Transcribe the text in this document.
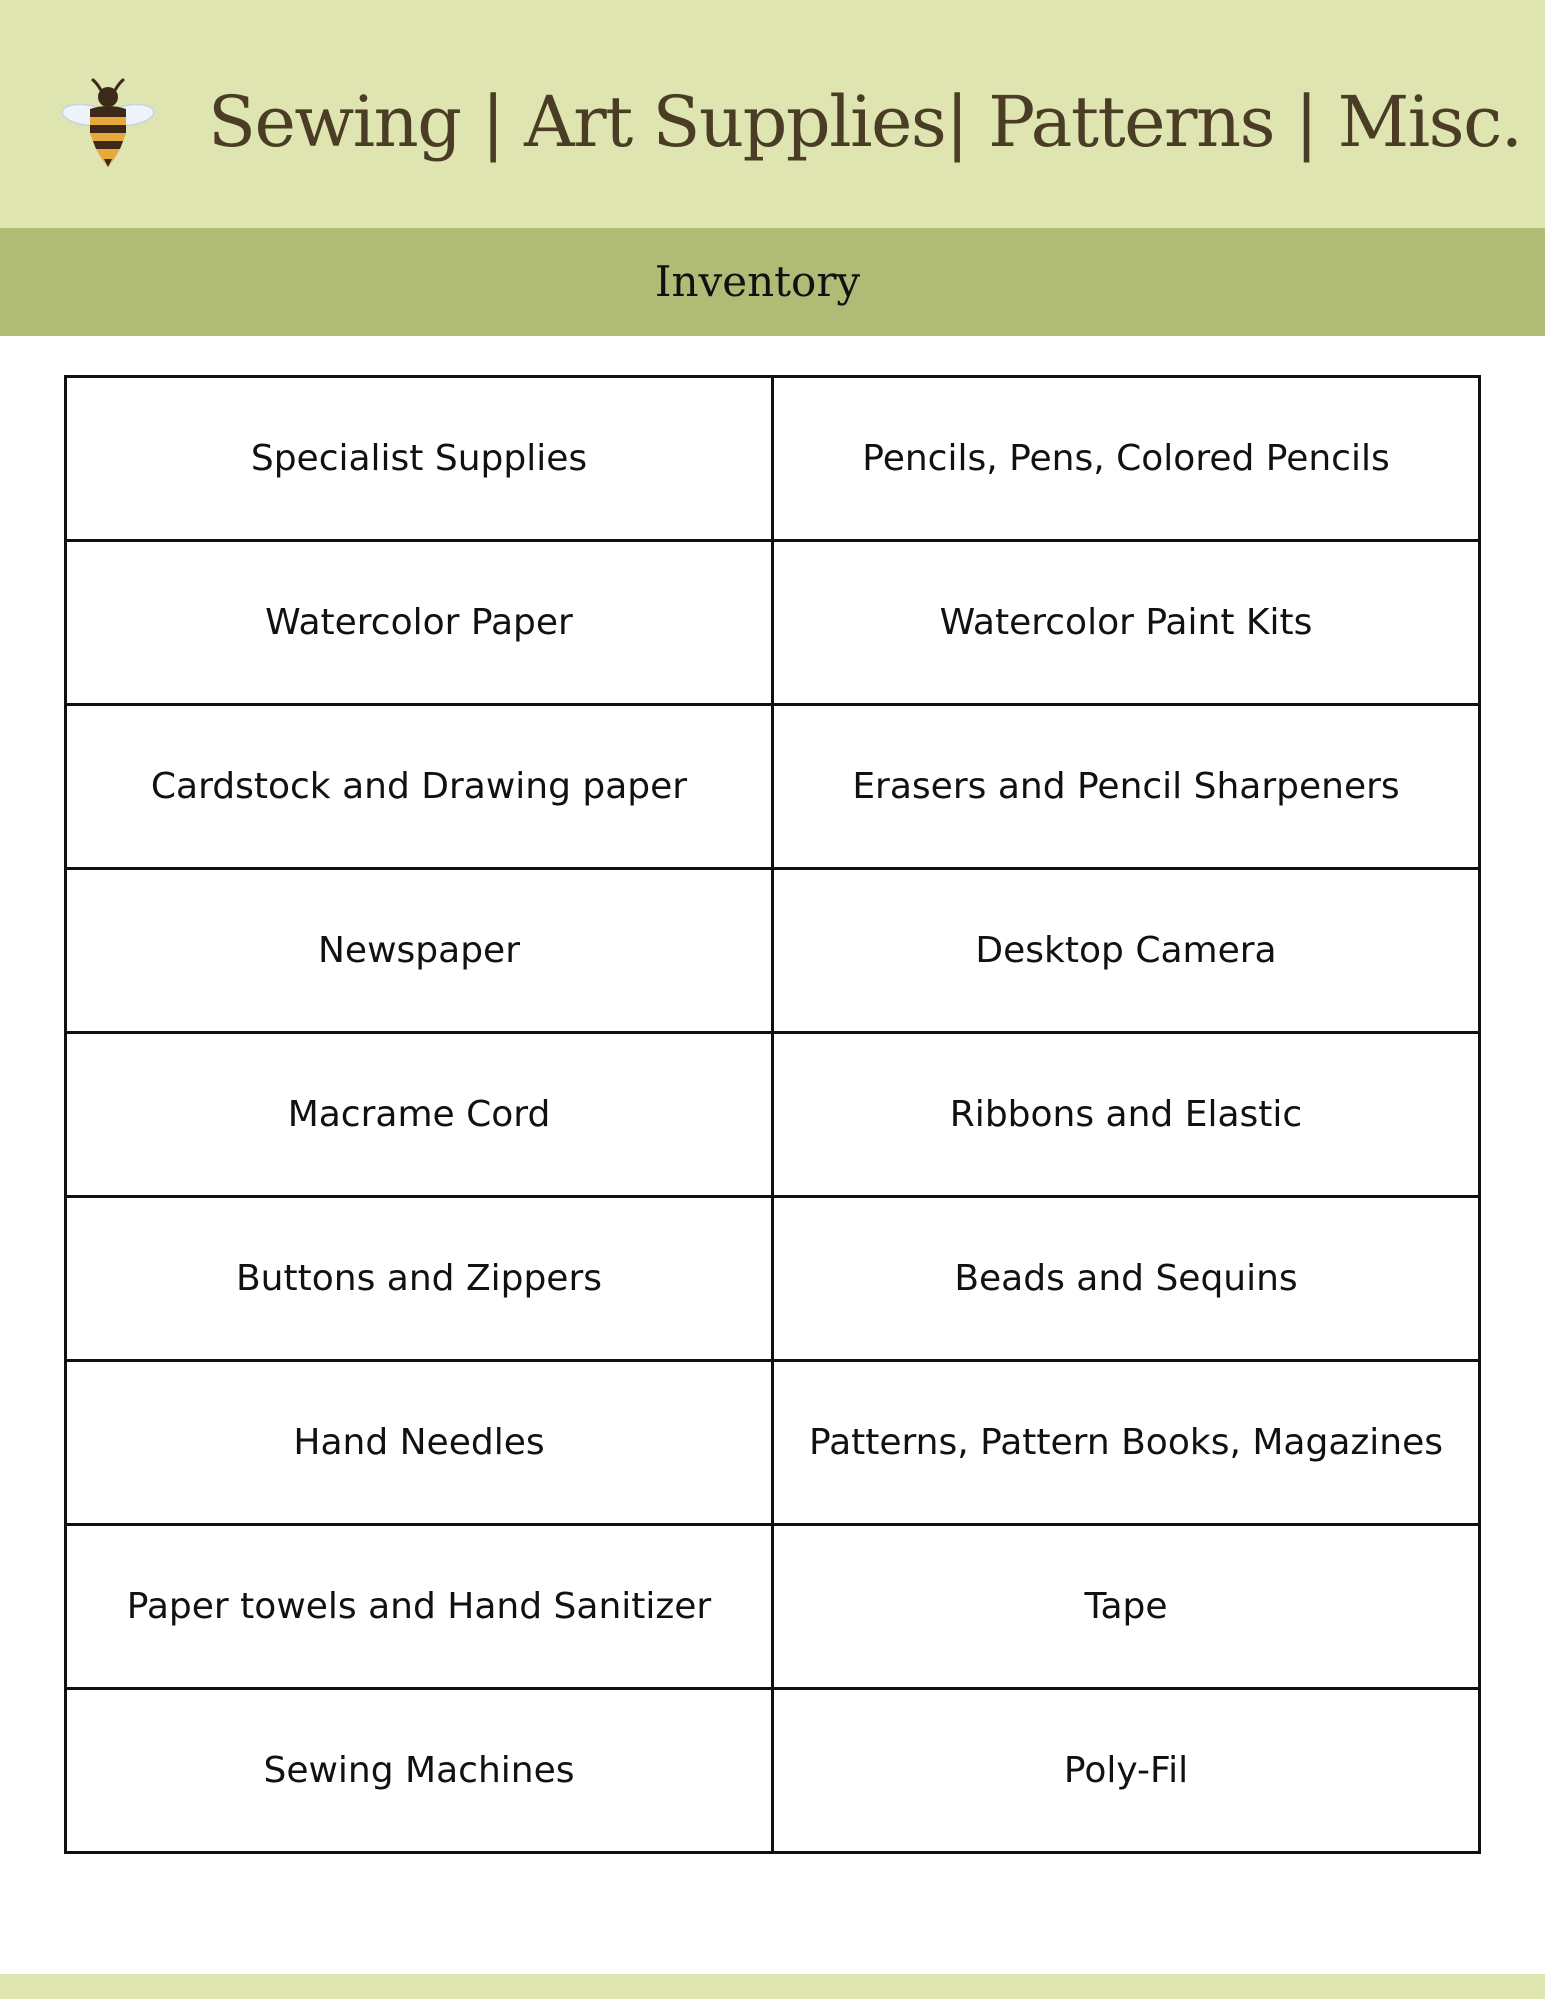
Sewing | Art Supplies| Patterns | Misc.
Inventory
Specialist Supplies	Pencils, Pens, Colored Pencils
Watercolor Paper	Watercolor Paint Kits
Cardstock and Drawing paper	Erasers and Pencil Sharpeners
Newspaper	Desktop Camera
Macrame Cord	Ribbons and Elastic
Buttons and Zippers	Beads and Sequins
Hand Needles	Patterns, Pattern Books, Magazines
Paper towels and Hand Sanitizer	Tape
Sewing Machines	Poly-Fil
